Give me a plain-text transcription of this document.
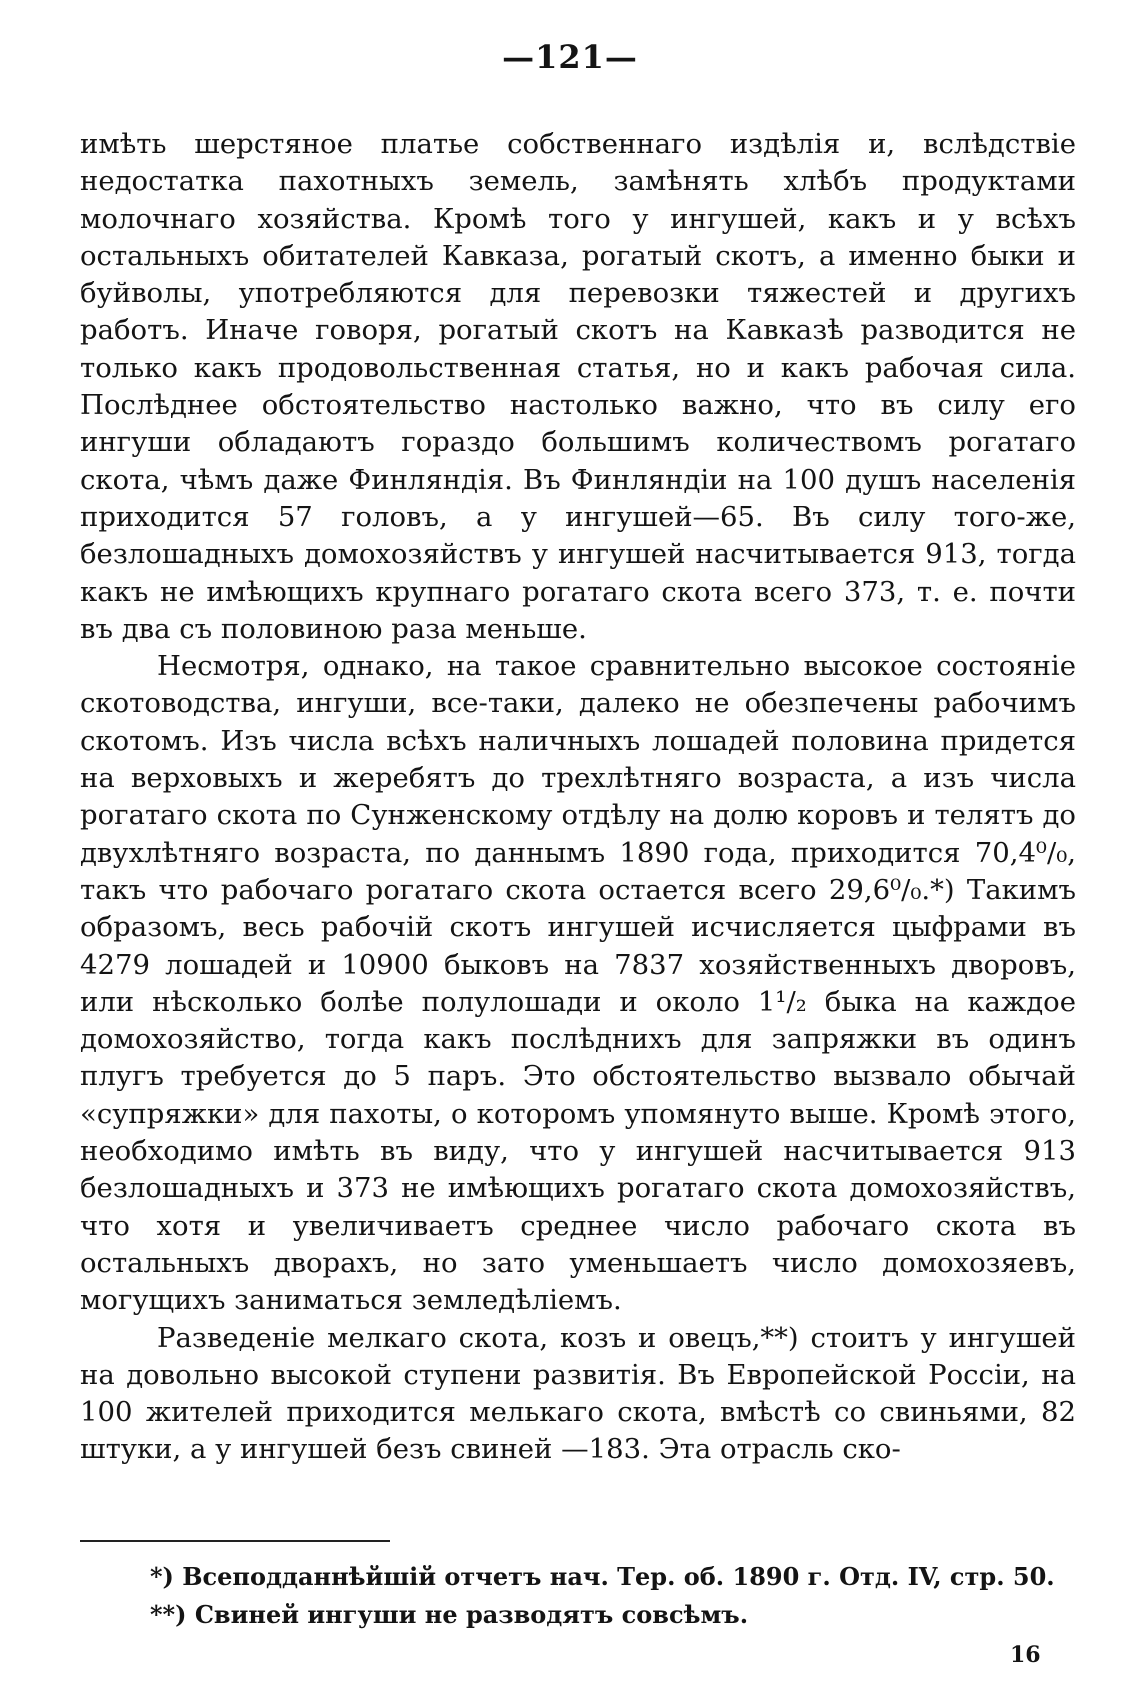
—121—

имѣть шерстяное платье собственнаго издѣлія и, вслѣдствіе недостатка пахотныхъ земель, замѣнять хлѣбъ продуктами молочнаго хозяйства. Кромѣ того у ингушей, какъ и у всѣхъ остальныхъ обитателей Кавказа, рогатый скотъ, а именно быки и буйволы, употребляются для перевозки тяжестей и другихъ работъ. Иначе говоря, рогатый скотъ на Кавказѣ разводится не только какъ продовольственная статья, но и какъ рабочая сила. Послѣднее обстоятельство настолько важно, что въ силу его ингуши обладаютъ гораздо большимъ количествомъ рогатаго скота, чѣмъ даже Финляндія. Въ Финляндіи на 100 душъ населенія приходится 57 головъ, а у ингушей—65. Въ силу того-же, безлошадныхъ домохозяйствъ у ингушей насчитывается 913, тогда какъ не имѣющихъ крупнаго рогатаго скота всего 373, т. е. почти въ два съ половиною раза меньше.

Несмотря, однако, на такое сравнительно высокое состояніе скотоводства, ингуши, все-таки, далеко не обезпечены рабочимъ скотомъ. Изъ числа всѣхъ наличныхъ лошадей половина придется на верховыхъ и жеребятъ до трехлѣтняго возраста, а изъ числа рогатаго скота по Сунженскому отдѣлу на долю коровъ и телятъ до двухлѣтняго возраста, по даннымъ 1890 года, приходится 70,4⁰/₀, такъ что рабочаго рогатаго скота остается всего 29,6⁰/₀.*) Такимъ образомъ, весь рабочій скотъ ингушей исчисляется цыфрами въ 4279 лошадей и 10900 быковъ на 7837 хозяйственныхъ дворовъ, или нѣсколько болѣе полулошади и около 1¹/₂ быка на каждое домохозяйство, тогда какъ послѣднихъ для запряжки въ одинъ плугъ требуется до 5 паръ. Это обстоятельство вызвало обычай «супряжки» для пахоты, о которомъ упомянуто выше. Кромѣ этого, необходимо имѣть въ виду, что у ингушей насчитывается 913 безлошадныхъ и 373 не имѣющихъ рогатаго скота домохозяйствъ, что хотя и увеличиваетъ среднее число рабочаго скота въ остальныхъ дворахъ, но зато уменьшаетъ число домохозяевъ, могущихъ заниматься земледѣліемъ.

Разведеніе мелкаго скота, козъ и овецъ,**) стоитъ у ингушей на довольно высокой ступени развитія. Въ Европейской Россіи, на 100 жителей приходится мелькаго скота, вмѣстѣ со свиньями, 82 штуки, а у ингушей безъ свиней —183. Эта отрасль ско-

*) Всеподданнѣйшій отчетъ нач. Тер. об. 1890 г. Отд. IV, стр. 50.
**) Свиней ингуши не разводятъ совсѣмъ.
16
